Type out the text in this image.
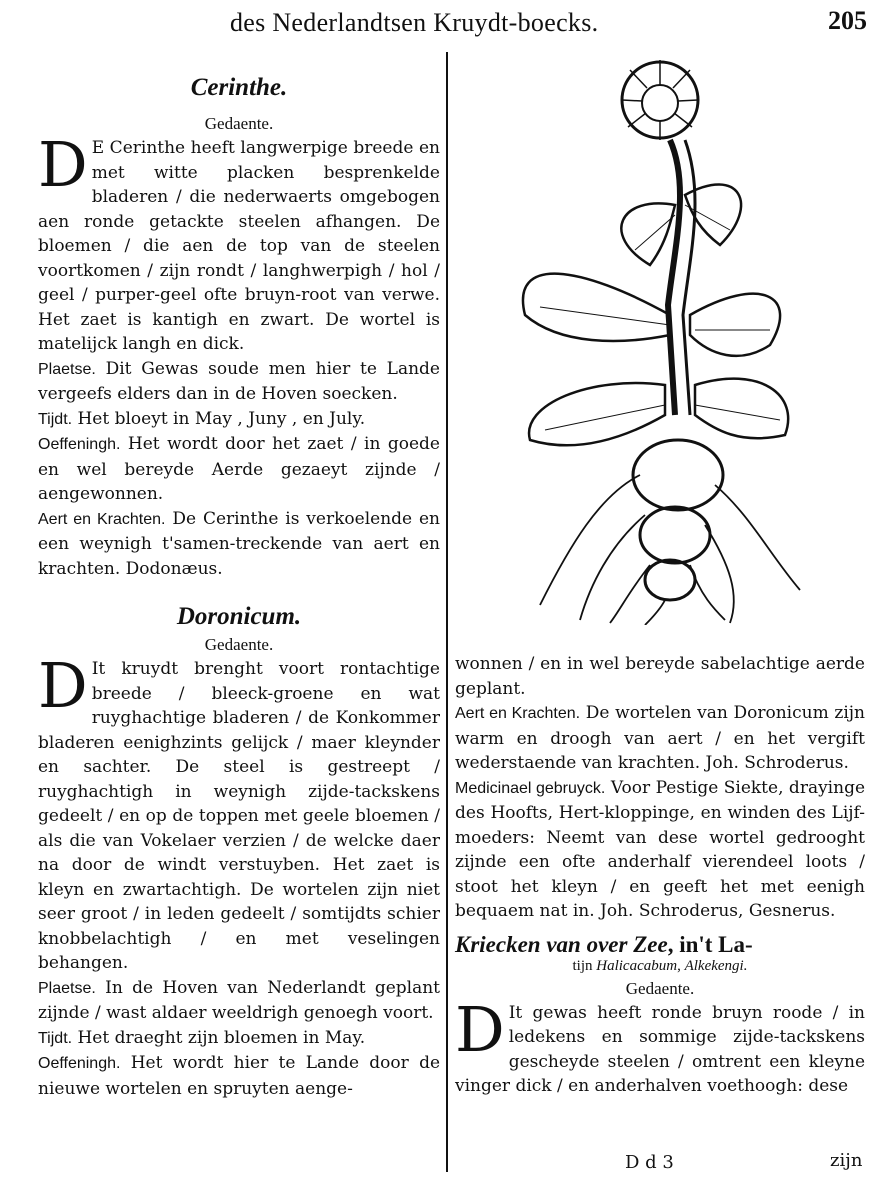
des Nederlandtsen Kruydt-boecks.	205
Cerinthe.
Gedaente.

D E Cerinthe heeft langwerpige breede en met witte placken besprenkelde bladeren / die nederwaerts omgebogen aen ronde getackte steelen afhangen. De bloemen / die aen de top van de steelen voortkomen / zijn rondt / langhwerpigh / hol / geel / purper-geel ofte bruyn-root van verwe. Het zaet is kantigh en zwart. De wortel is matelijck langh en dick.

Plaetse. Dit Gewas soude men hier te Lande vergeefs elders dan in de Hoven soecken.

Tijdt. Het bloeyt in May , Juny , en July.

Oeffeningh. Het wordt door het zaet / in goede en wel bereyde Aerde gezaeyt zijnde / aengewonnen.

Aert en Krachten. De Cerinthe is verkoelende en een weynigh t'samen-treckende van aert en krachten. Dodonæus.

Doronicum.
Gedaente.

D It kruydt brenght voort rontachtige breede / bleeck-groene en wat ruyghachtige bladeren / de Konkommer bladeren eenighzints gelijck / maer kleynder en sachter. De steel is gestreept / ruyghachtigh in weynigh zijde-tackskens gedeelt / en op de toppen met geele bloemen / als die van Vokelaer verzien / de welcke daer na door de windt verstuyben. Het zaet is kleyn en zwartachtigh. De wortelen zijn niet seer groot / in leden gedeelt / somtijdts schier knobbelachtigh / en met veselingen behangen.

Plaetse. In de Hoven van Nederlandt geplant zijnde / wast aldaer weeldrigh genoegh voort.

Tijdt. Het draeght zijn bloemen in May.

Oeffeningh. Het wordt hier te Lande door de nieuwe wortelen en spruyten aenge-

wonnen / en in wel bereyde sabelachtige aerde geplant.

Aert en Krachten. De wortelen van Doronicum zijn warm en droogh van aert / en het vergift wederstaende van krachten. Joh. Schroderus.

Medicinael gebruyck. Voor Pestige Siekte, drayinge des Hoofts, Hert-kloppinge, en winden des Lijf-moeders: Neemt van dese wortel gedrooght zijnde een ofte anderhalf vierendeel loots / stoot het kleyn / en geeft het met eenigh bequaem nat in. Joh. Schroderus, Gesnerus.

Kriecken van over Zee, in't La-
tijn Halicacabum, Alkekengi.
Gedaente.

D It gewas heeft ronde bruyn roode / in ledekens en sommige zijde-tackskens gescheyde steelen / omtrent een kleyne vinger dick / en anderhalven voethoogh: dese

D d 3	zijn
